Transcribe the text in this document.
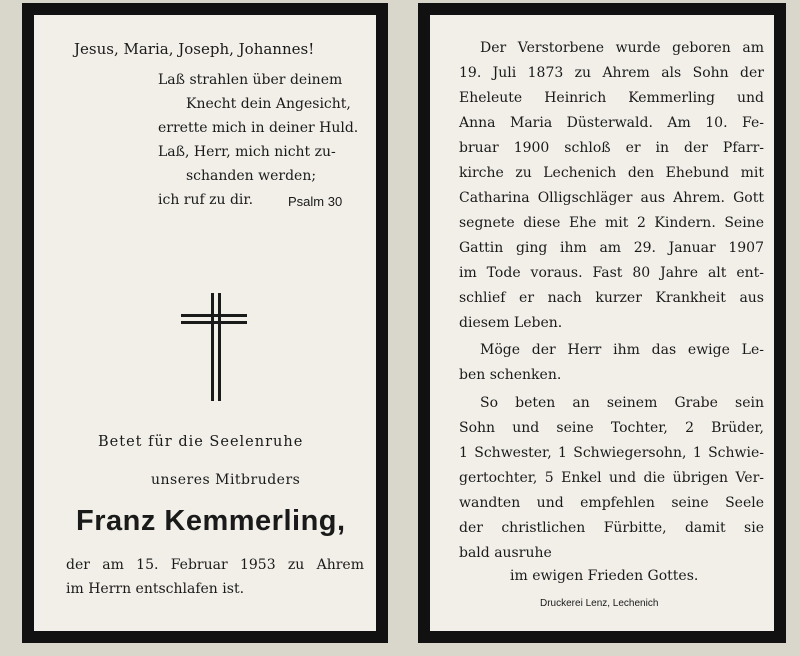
Jesus, Maria, Joseph, Johannes!
Laß strahlen über deinem
Knecht dein Angesicht,
errette mich in deiner Huld.
Laß, Herr, mich nicht zu-
schanden werden;
ich ruf zu dir.	Psalm 30
Betet für die Seelenruhe
unseres Mitbruders
Franz Kemmerling,
der am 15. Februar 1953 zu Ahrem
im Herrn entschlafen ist.
Der Verstorbene wurde geboren am
19. Juli 1873 zu Ahrem als Sohn der
Eheleute Heinrich Kemmerling und
Anna Maria Düsterwald. Am 10. Fe-
bruar 1900 schloß er in der Pfarr-
kirche zu Lechenich den Ehebund mit
Catharina Olligschläger aus Ahrem. Gott
segnete diese Ehe mit 2 Kindern. Seine
Gattin ging ihm am 29. Januar 1907
im Tode voraus. Fast 80 Jahre alt ent-
schlief er nach kurzer Krankheit aus
diesem Leben.
Möge der Herr ihm das ewige Le-
ben schenken.
So beten an seinem Grabe sein
Sohn und seine Tochter, 2 Brüder,
1 Schwester, 1 Schwiegersohn, 1 Schwie-
gertochter, 5 Enkel und die übrigen Ver-
wandten und empfehlen seine Seele
der christlichen Fürbitte, damit sie
bald ausruhe
im ewigen Frieden Gottes.
Druckerei Lenz, Lechenich
